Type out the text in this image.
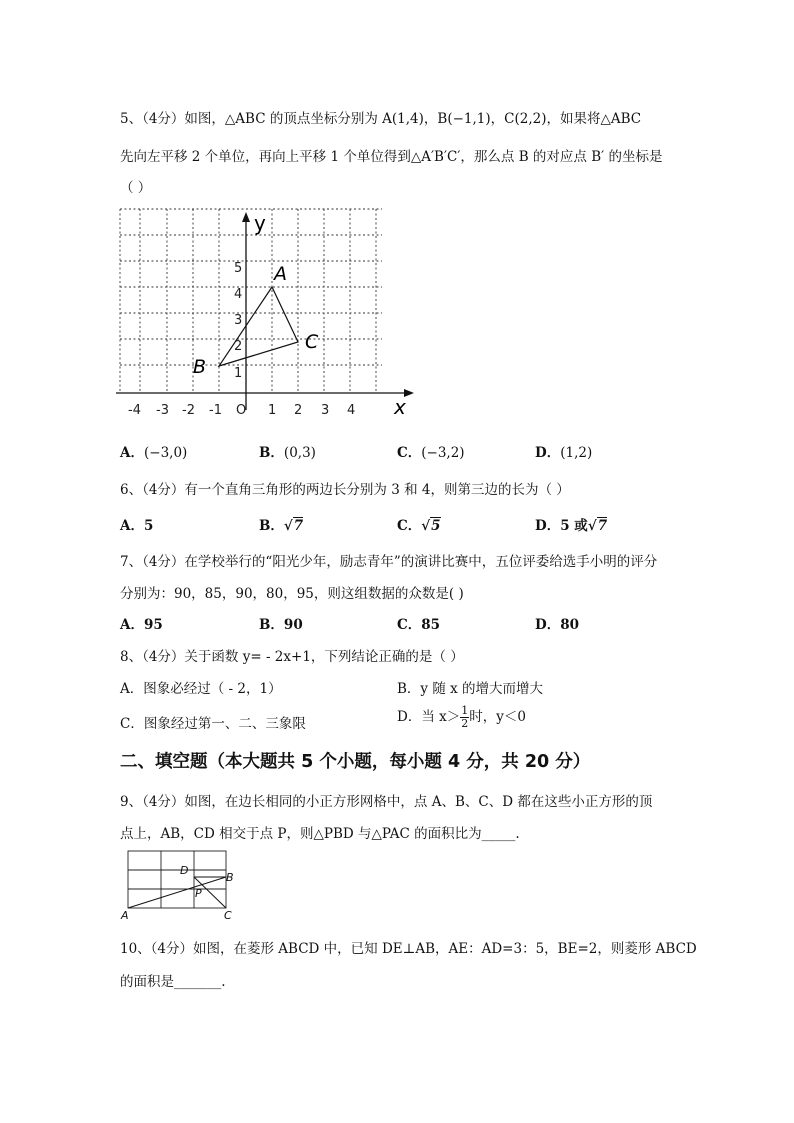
5、（4分）如图，△ABC 的顶点坐标分别为 A(1,4)，B(−1,1)，C(2,2)，如果将△ABC
先向左平移 2 个单位，再向上平移 1 个单位得到△A′B′C′，那么点 B 的对应点 B′ 的坐标是
（ ）
y
x
-4 -3 -2 -1 O 1 2 3 4
1
2
3
4
5 A
B
C
A．(−3,0)	B．(0,3)	C．(−3,2)	D．(1,2)
6、（4分）有一个直角三角形的两边长分别为 3 和 4，则第三边的长为（ ）
A．5	B．√7	C．√5	D．5 或√7
7、（4分）在学校举行的“阳光少年，励志青年”的演讲比赛中，五位评委给选手小明的评分
分别为：90，85，90，80，95，则这组数据的众数是( )
A．95	B．90	C．85	D．80
8、（4分）关于函数 y= - 2x+1，下列结论正确的是（ ）
A．图象必经过（ - 2，1）	B．y 随 x 的增大而增大
C．图象经过第一、二、三象限	D．当 $x> \frac{1}{2}$ 时，y＜0
二、填空题（本大题共 5 个小题，每小题 4 分，共 20 分）
9、（4分）如图，在边长相同的小正方形网格中，点 A、B、C、D 都在这些小正方形的顶
点上，AB，CD 相交于点 P，则△PBD 与△PAC 的面积比为_____.
A
B
C
D
P
10、（4分）如图，在菱形 ABCD 中，已知 DE⊥AB，AE：AD=3：5，BE=2，则菱形 ABCD
的面积是_______.
